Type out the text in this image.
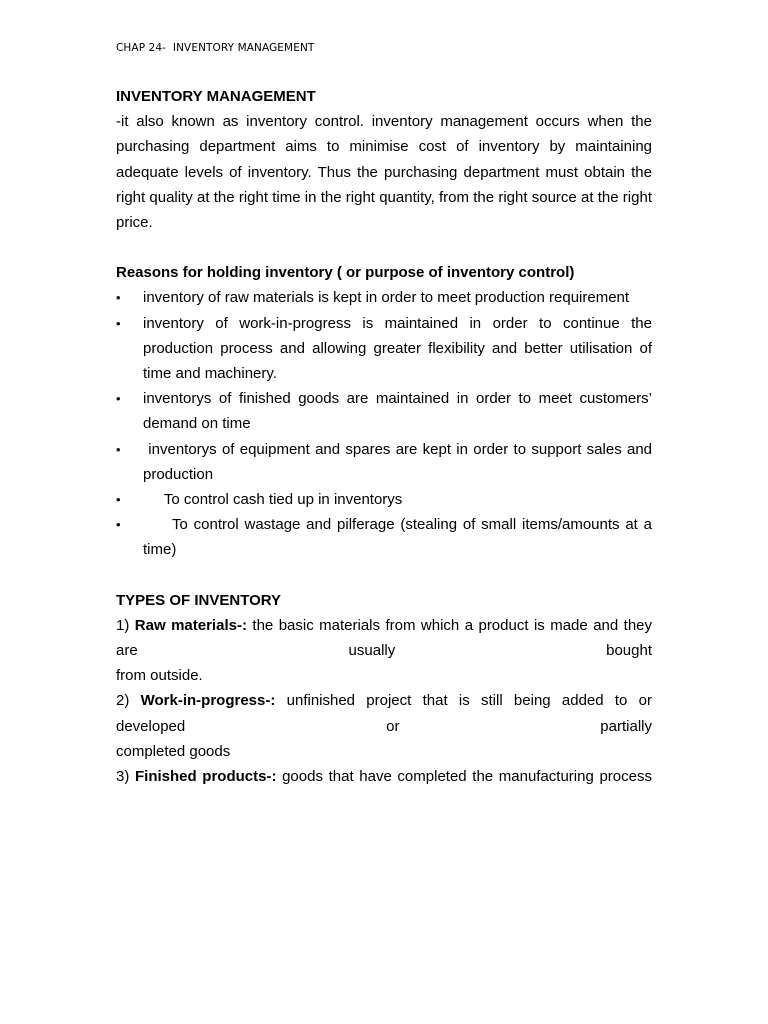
CHAP 24-  INVENTORY MANAGEMENT

INVENTORY MANAGEMENT

-it also known as inventory control. inventory management occurs when the purchasing department aims to minimise cost of inventory by maintaining adequate levels of inventory. Thus the purchasing department must obtain the right quality at the right time in the right quantity, from the right source at the right price.

Reasons for holding inventory ( or purpose of inventory control)

• inventory of raw materials is kept in order to meet production requirement
• inventory of work-in-progress is maintained in order to continue the production process and allowing greater flexibility and better utilisation of time and machinery.
• inventorys of finished goods are maintained in order to meet customers’ demand on time
• inventorys of equipment and spares are kept in order to support sales and production
• To control cash tied up in inventorys
• To control wastage and pilferage (stealing of small items/amounts at a time)

TYPES OF INVENTORY

1) Raw materials-: the basic materials from which a product is made and they are usually bought

from outside.

2) Work-in-progress-: unfinished project that is still being added to or developed or partially

completed goods

3) Finished products-: goods that have completed the manufacturing process
